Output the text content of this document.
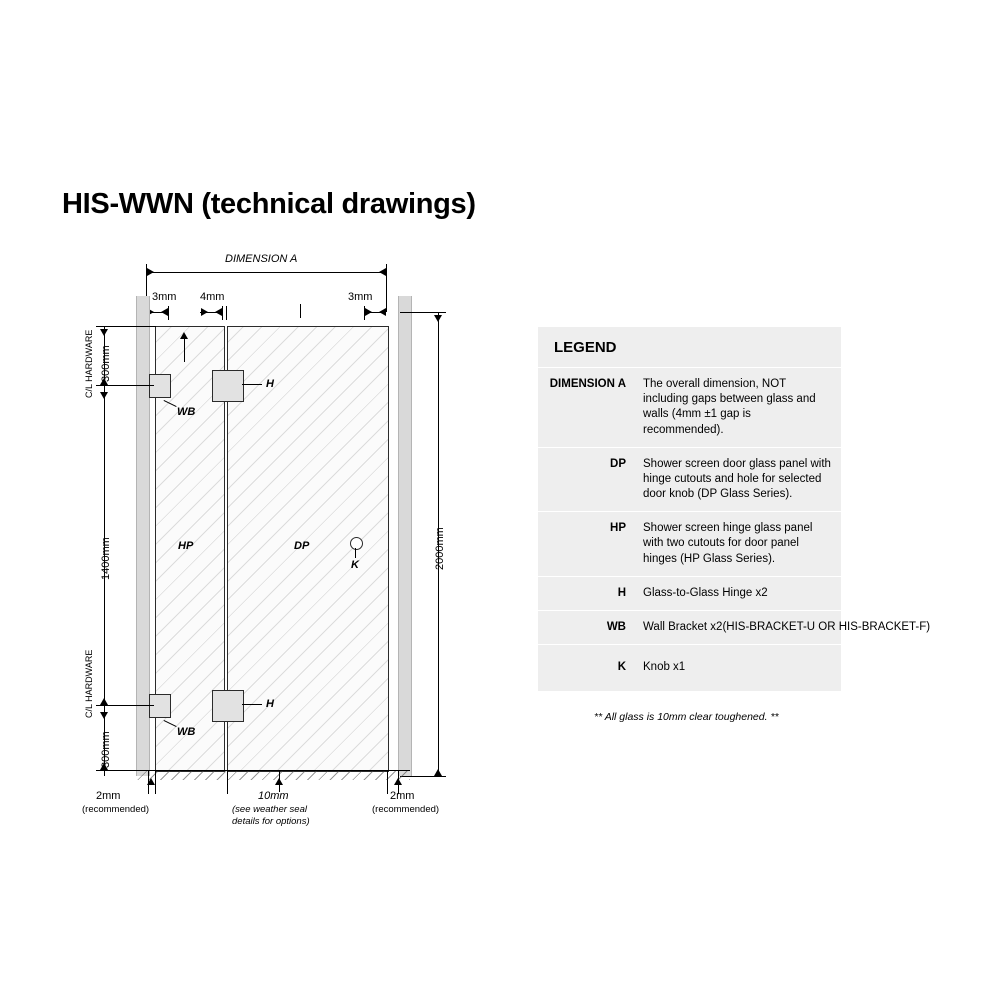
HIS-WWN (technical drawings)
DIMENSION A
3mm 4mm	3mm
HP	DP
H
WB
H
WB
K
300mm
1400mm
300mm
C/L HARDWARE
C/L HARDWARE
2000mm
2mm
(recommended)
10mm
(see weather seal
details for options)
2mm
(recommended)
LEGEND
DIMENSION A	The overall dimension, NOT including gaps between glass and walls (4mm ±1 gap is recommended).
DP	Shower screen door glass panel with hinge cutouts and hole for selected door knob (DP Glass Series).
HP	Shower screen hinge glass panel with two cutouts for door panel hinges (HP Glass Series).
H	Glass-to-Glass Hinge x2
WB	Wall Bracket x2(HIS-BRACKET-U OR HIS-BRACKET-F)
K	Knob x1
** All glass is 10mm clear toughened. **
